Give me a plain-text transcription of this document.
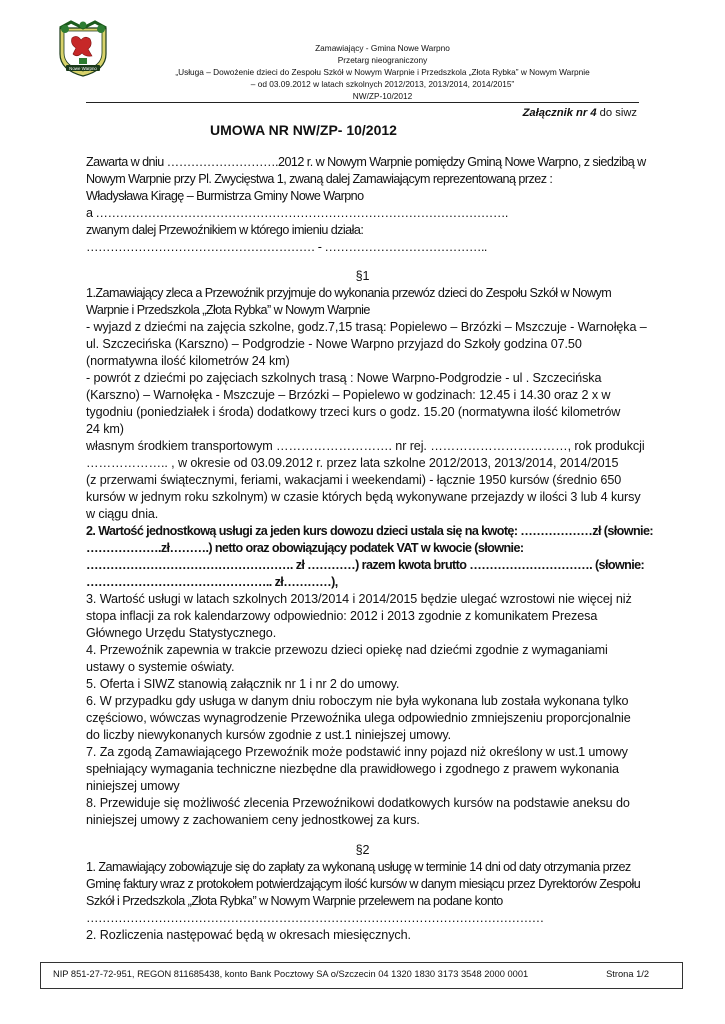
Nowe Warpno
Zamawiający - Gmina Nowe Warpno
Przetarg nieograniczony
„Usługa – Dowożenie dzieci do Zespołu Szkół w Nowym Warpnie i Przedszkola „Złota Rybka” w Nowym Warpnie
– od 03.09.2012 w latach szkolnych 2012/2013, 2013/2014, 2014/2015”
NW/ZP-10/2012
Załącznik nr 4 do siwz
UMOWA NR NW/ZP- 10/2012
Zawarta w dniu ……………………….2012 r. w Nowym Warpnie pomiędzy Gminą Nowe Warpno, z siedzibą w
Nowym Warpnie przy Pl. Zwycięstwa 1, zwaną dalej Zamawiającym reprezentowaną przez :
Władysława Kiragę – Burmistrza Gminy Nowe Warpno
a ………………………………………………………………………………………….
zwanym dalej Przewoźnikiem w którego imieniu działa:
………………………………………………… - …………………………………..
§1
1.Zamawiający zleca a Przewoźnik przyjmuje do wykonania przewóz dzieci do Zespołu Szkół w Nowym
Warpnie i Przedszkola „Złota Rybka” w Nowym Warpnie
- wyjazd z dziećmi na zajęcia szkolne, godz.7,15 trasą: Popielewo – Brzózki – Mszczuje - Warnołęka –
ul. Szczecińska (Karszno) – Podgrodzie - Nowe Warpno przyjazd do Szkoły godzina 07.50
(normatywna ilość kilometrów 24 km)
- powrót z dziećmi po zajęciach szkolnych trasą : Nowe Warpno-Podgrodzie - ul . Szczecińska
(Karszno) – Warnołęka - Mszczuje – Brzózki – Popielewo w godzinach: 12.45 i 14.30 oraz 2 x w
tygodniu (poniedziałek i środa) dodatkowy trzeci kurs o godz. 15.20 (normatywna ilość kilometrów
24 km)
własnym środkiem transportowym ………………………. nr rej. ……………………………, rok produkcji
……………….. , w okresie od 03.09.2012 r. przez lata szkolne 2012/2013, 2013/2014, 2014/2015
(z przerwami świątecznymi, feriami, wakacjami i weekendami) - łącznie 1950 kursów (średnio 650
kursów w jednym roku szkolnym) w czasie których będą wykonywane przejazdy w ilości 3 lub 4 kursy
w ciągu dnia.
2. Wartość jednostkową usługi za jeden kurs dowozu dzieci ustala się na kwotę: ………………zł (słownie:
……………….zł……….) netto oraz obowiązujący podatek VAT w kwocie (słownie:
……………………………………………. zł …………) razem kwota brutto …………………………. (słownie:
……………………………………….. zł…………),
3. Wartość usługi w latach szkolnych 2013/2014 i 2014/2015 będzie ulegać wzrostowi nie więcej niż
stopa inflacji za rok kalendarzowy odpowiednio: 2012 i 2013 zgodnie z komunikatem Prezesa
Głównego Urzędu Statystycznego.
4. Przewoźnik zapewnia w trakcie przewozu dzieci opiekę nad dziećmi zgodnie z wymaganiami
ustawy o systemie oświaty.
5. Oferta i SIWZ stanowią załącznik nr 1 i nr 2 do umowy.
6. W przypadku gdy usługa w danym dniu roboczym nie była wykonana lub została wykonana tylko
częściowo, wówczas wynagrodzenie Przewoźnika ulega odpowiednio zmniejszeniu proporcjonalnie
do liczby niewykonanych kursów zgodnie z ust.1 niniejszej umowy.
7. Za zgodą Zamawiającego Przewoźnik może podstawić inny pojazd niż określony w ust.1 umowy
spełniający wymagania techniczne niezbędne dla prawidłowego i zgodnego z prawem wykonania
niniejszej umowy
8. Przewiduje się możliwość zlecenia Przewoźnikowi dodatkowych kursów na podstawie aneksu do
niniejszej umowy z zachowaniem ceny jednostkowej za kurs.
§2
1. Zamawiający zobowiązuje się do zapłaty za wykonaną usługę w terminie 14 dni od daty otrzymania przez
Gminę faktury wraz z protokołem potwierdzającym ilość kursów w danym miesiącu przez Dyrektorów Zespołu
Szkół i Przedszkola „Złota Rybka” w Nowym Warpnie przelewem na podane konto
……………………………………………………………………………………………………
2. Rozliczenia następować będą w okresach miesięcznych.
NIP 851-27-72-951, REGON 811685438, konto Bank Pocztowy SA o/Szczecin 04 1320 1830 3173 3548 2000 0001	Strona 1/2
